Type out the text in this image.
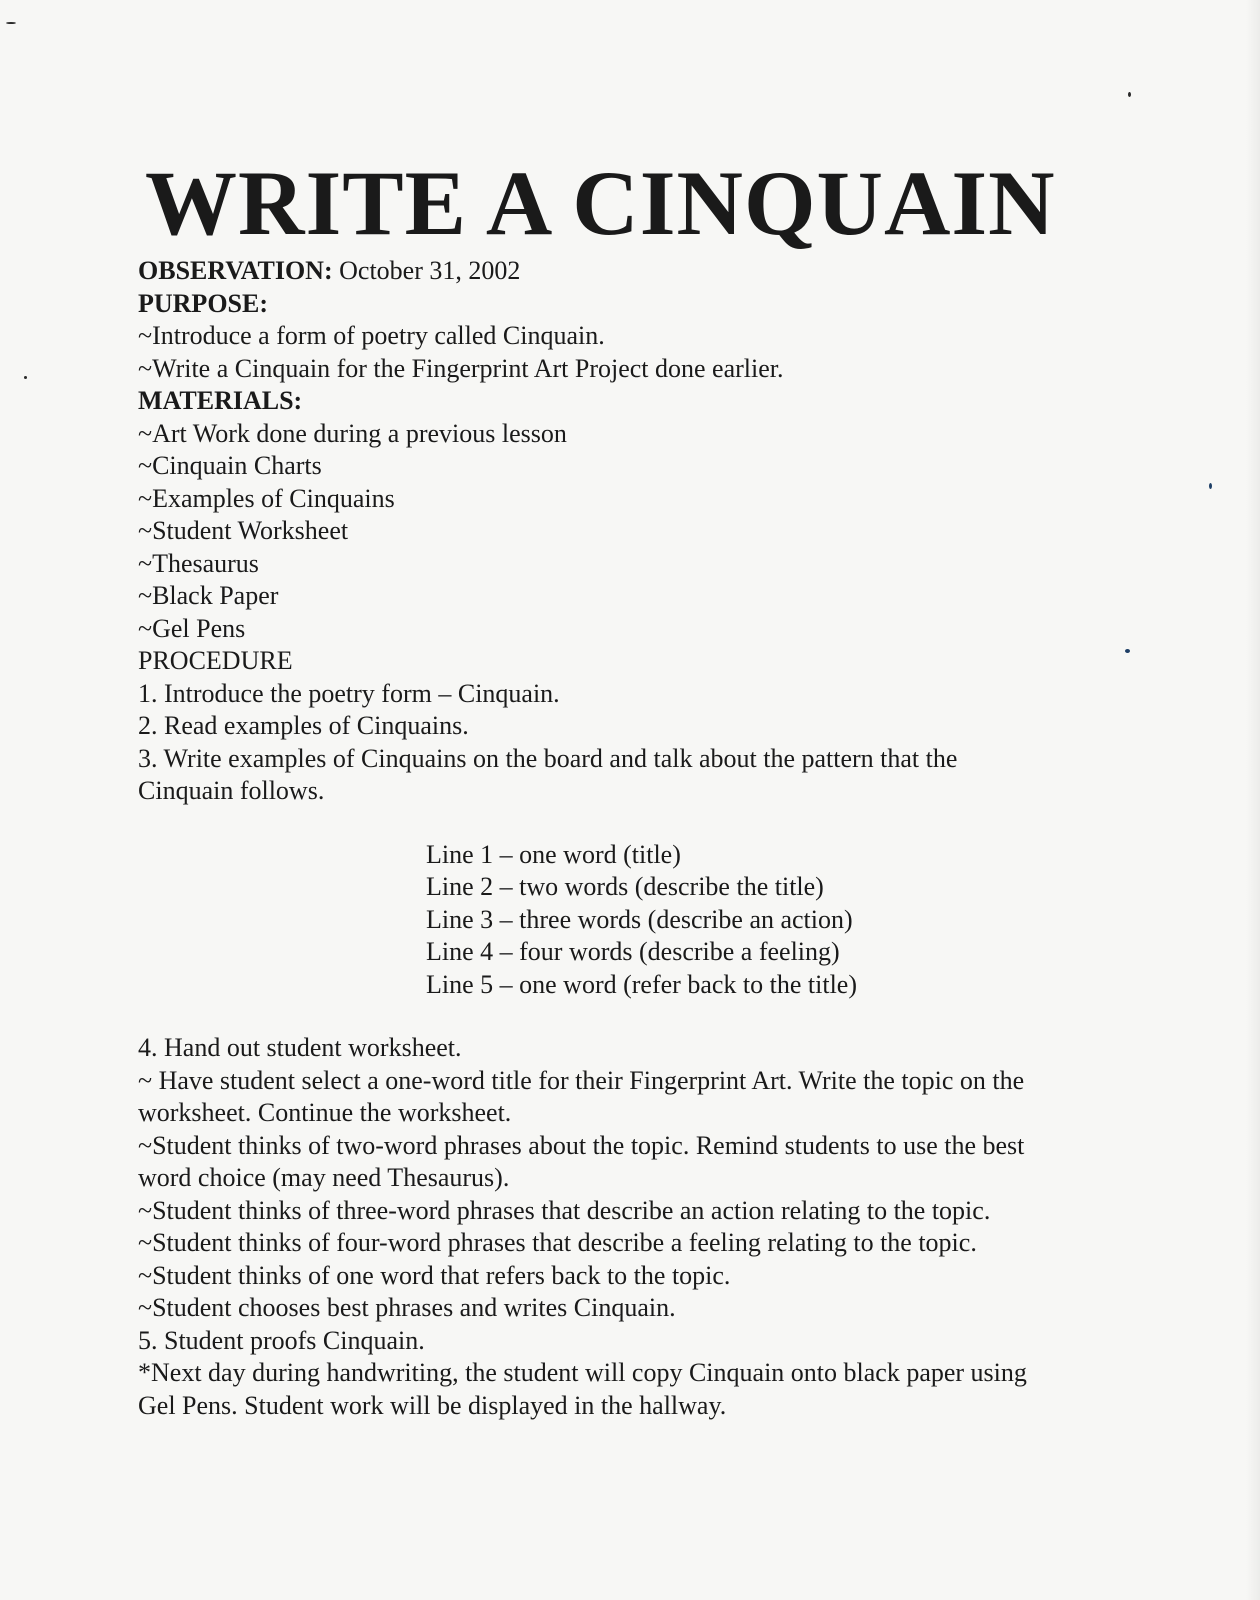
WRITE A CINQUAIN
OBSERVATION: October 31, 2002
PURPOSE:
~Introduce a form of poetry called Cinquain.
~Write a Cinquain for the Fingerprint Art Project done earlier.
MATERIALS:
~Art Work done during a previous lesson
~Cinquain Charts
~Examples of Cinquains
~Student Worksheet
~Thesaurus
~Black Paper
~Gel Pens
PROCEDURE
1. Introduce the poetry form – Cinquain.
2. Read examples of Cinquains.
3. Write examples of Cinquains on the board and talk about the pattern that the Cinquain follows.
Line 1 – one word (title)
Line 2 – two words (describe the title)
Line 3 – three words (describe an action)
Line 4 – four words (describe a feeling)
Line 5 – one word (refer back to the title)
4. Hand out student worksheet.
~ Have student select a one-word title for their Fingerprint Art. Write the topic on the worksheet. Continue the worksheet.
~Student thinks of two-word phrases about the topic. Remind students to use the best word choice (may need Thesaurus).
~Student thinks of three-word phrases that describe an action relating to the topic.
~Student thinks of four-word phrases that describe a feeling relating to the topic.
~Student thinks of one word that refers back to the topic.
~Student chooses best phrases and writes Cinquain.
5. Student proofs Cinquain.
*Next day during handwriting, the student will copy Cinquain onto black paper using Gel Pens. Student work will be displayed in the hallway.
